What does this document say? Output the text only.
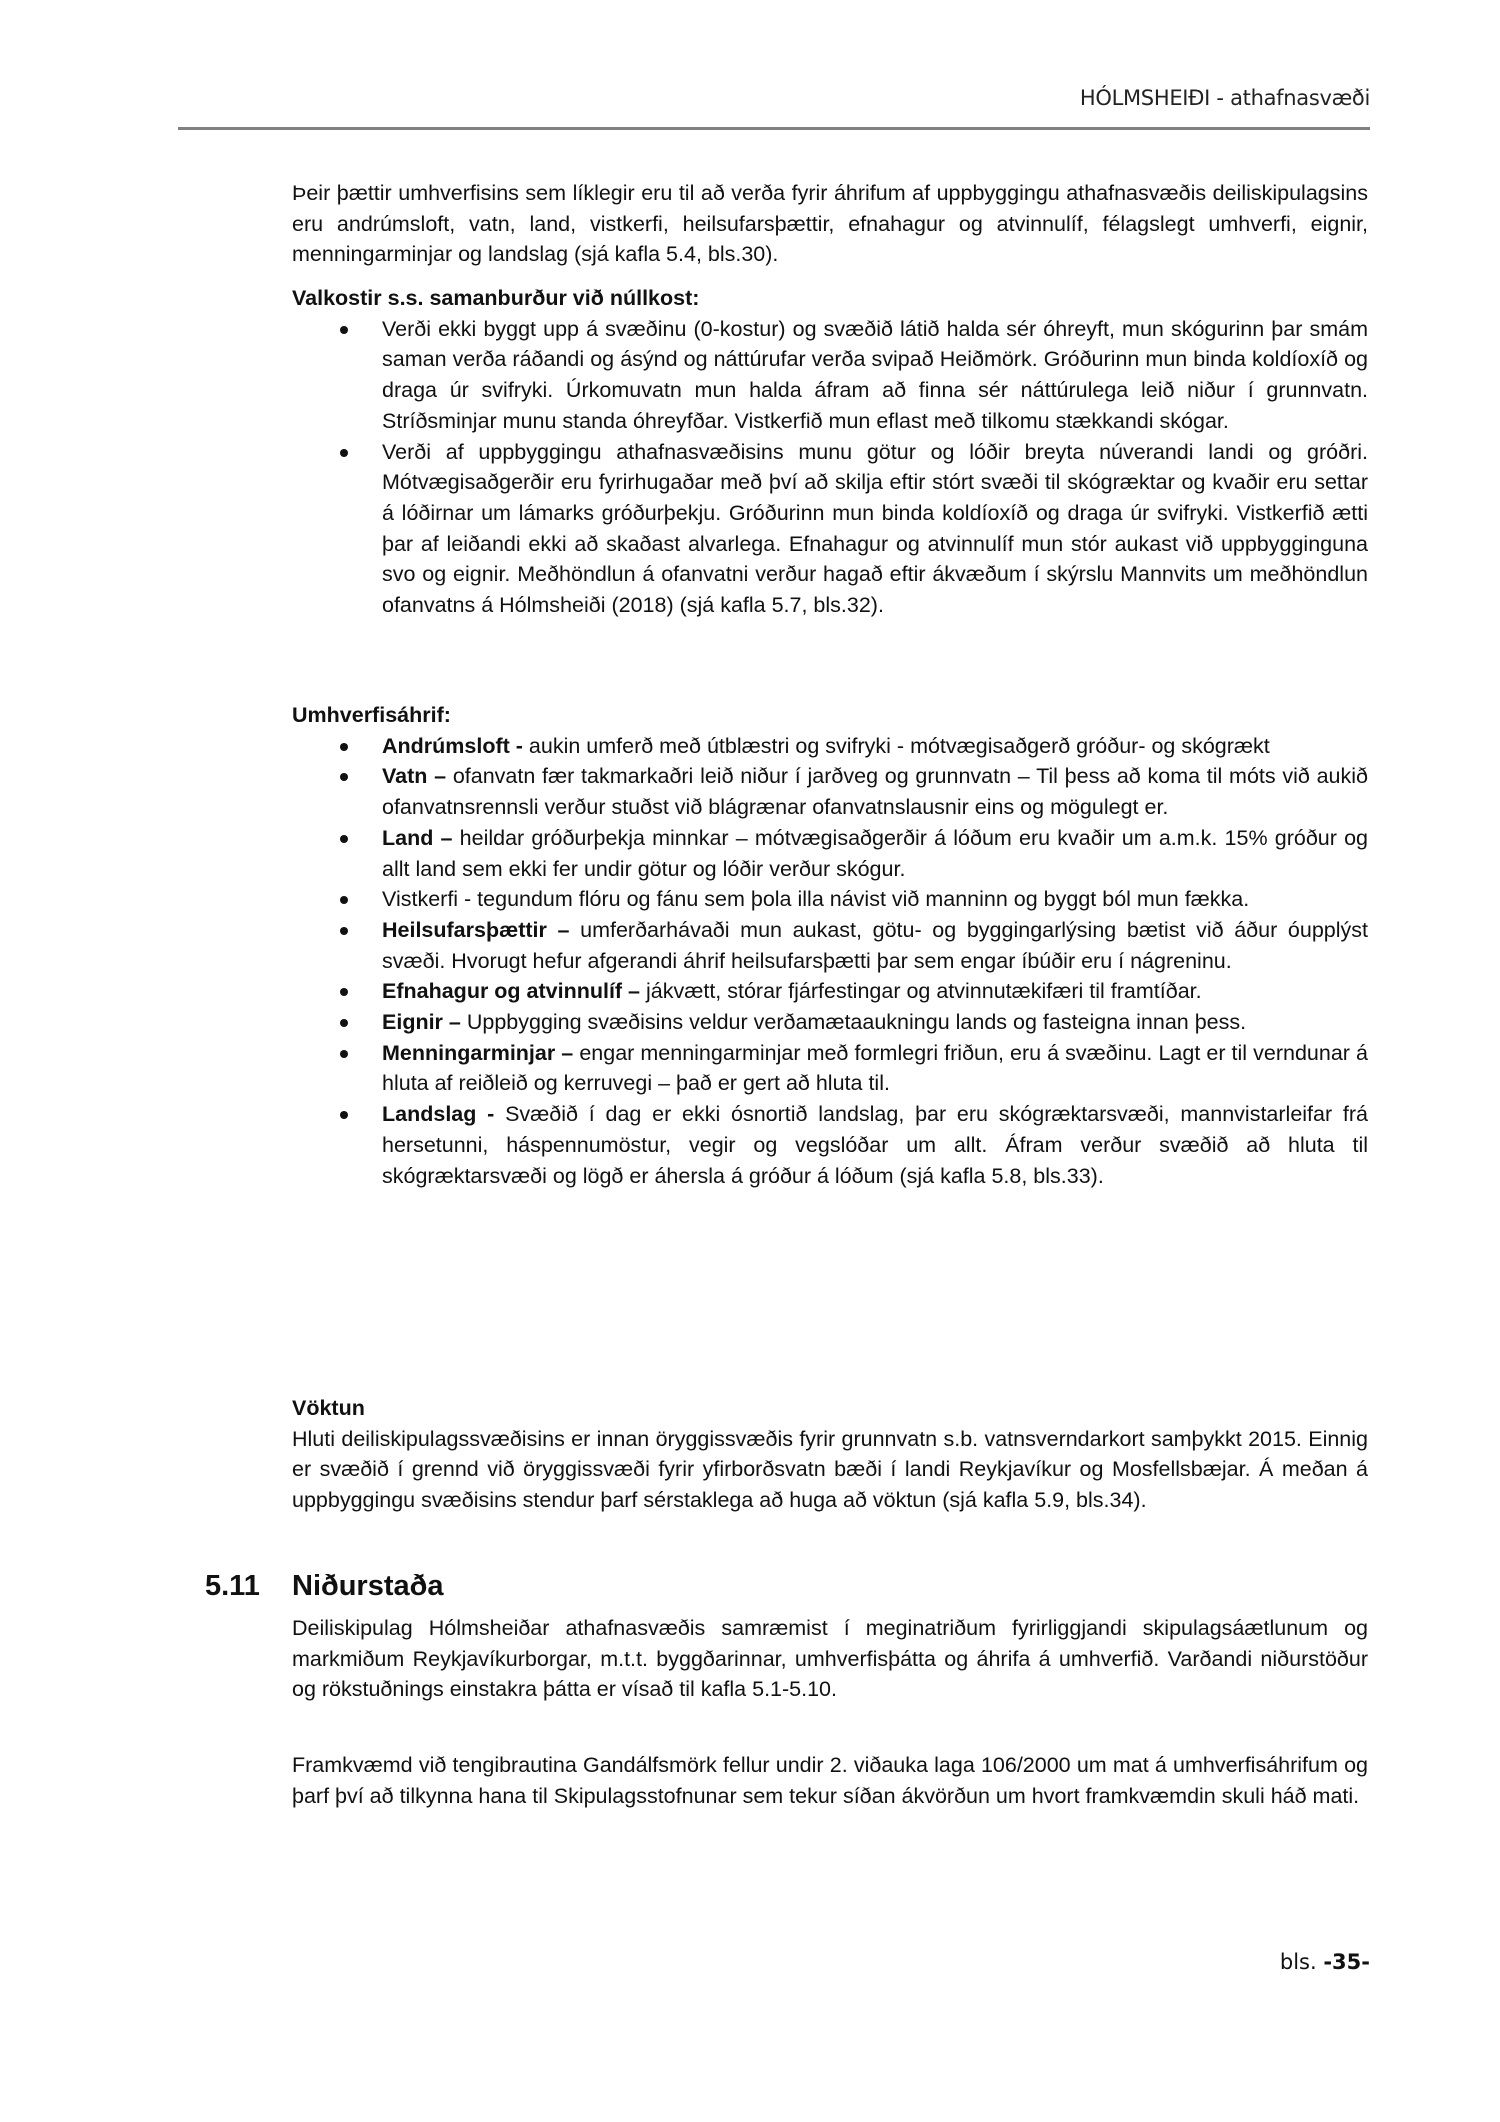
HÓLMSHEIÐI - athafnasvæði

Þeir þættir umhverfisins sem líklegir eru til að verða fyrir áhrifum af uppbyggingu athafnasvæðis deiliskipulagsins eru andrúmsloft, vatn, land, vistkerfi, heilsufarsþættir, efnahagur og atvinnulíf, félagslegt umhverfi, eignir, menningarminjar og landslag (sjá kafla 5.4, bls.30).

Valkostir s.s. samanburður við núllkost:

Verði ekki byggt upp á svæðinu (0-kostur) og svæðið látið halda sér óhreyft, mun skógurinn þar smám saman verða ráðandi og ásýnd og náttúrufar verða svipað Heiðmörk. Gróðurinn mun binda koldíoxíð og draga úr svifryki. Úrkomuvatn mun halda áfram að finna sér náttúrulega leið niður í grunnvatn. Stríðsminjar munu standa óhreyfðar. Vistkerfið mun eflast með tilkomu stækkandi skógar.
Verði af uppbyggingu athafnasvæðisins munu götur og lóðir breyta núverandi landi og gróðri. Mótvægisaðgerðir eru fyrirhugaðar með því að skilja eftir stórt svæði til skógræktar og kvaðir eru settar á lóðirnar um lámarks gróðurþekju. Gróðurinn mun binda koldíoxíð og draga úr svifryki. Vistkerfið ætti þar af leiðandi ekki að skaðast alvarlega. Efnahagur og atvinnulíf mun stór aukast við uppbygginguna svo og eignir. Meðhöndlun á ofanvatni verður hagað eftir ákvæðum í skýrslu Mannvits um meðhöndlun ofanvatns á Hólmsheiði (2018) (sjá kafla 5.7, bls.32).

Umhverfisáhrif:

Andrúmsloft - aukin umferð með útblæstri og svifryki - mótvægisaðgerð gróður- og skógrækt
Vatn – ofanvatn fær takmarkaðri leið niður í jarðveg og grunnvatn – Til þess að koma til móts við aukið ofanvatnsrennsli verður stuðst við blágrænar ofanvatnslausnir eins og mögulegt er.
Land – heildar gróðurþekja minnkar – mótvægisaðgerðir á lóðum eru kvaðir um a.m.k. 15% gróður og allt land sem ekki fer undir götur og lóðir verður skógur.
Vistkerfi - tegundum flóru og fánu sem þola illa návist við manninn og byggt ból mun fækka.
Heilsufarsþættir – umferðarhávaði mun aukast, götu- og byggingarlýsing bætist við áður óupplýst svæði. Hvorugt hefur afgerandi áhrif heilsufarsþætti þar sem engar íbúðir eru í nágreninu.
Efnahagur og atvinnulíf – jákvætt, stórar fjárfestingar og atvinnutækifæri til framtíðar.
Eignir – Uppbygging svæðisins veldur verðamætaaukningu lands og fasteigna innan þess.
Menningarminjar – engar menningarminjar með formlegri friðun, eru á svæðinu. Lagt er til verndunar á hluta af reiðleið og kerruvegi – það er gert að hluta til.
Landslag - Svæðið í dag er ekki ósnortið landslag, þar eru skógræktarsvæði, mannvistarleifar frá hersetunni, háspennumöstur, vegir og vegslóðar um allt. Áfram verður svæðið að hluta til skógræktarsvæði og lögð er áhersla á gróður á lóðum (sjá kafla 5.8, bls.33).

Vöktun

Hluti deiliskipulagssvæðisins er innan öryggissvæðis fyrir grunnvatn s.b. vatnsverndarkort samþykkt 2015. Einnig er svæðið í grennd við öryggissvæði fyrir yfirborðsvatn bæði í landi Reykjavíkur og Mosfellsbæjar. Á meðan á uppbyggingu svæðisins stendur þarf sérstaklega að huga að vöktun (sjá kafla 5.9, bls.34).

5.11 Niðurstaða

Deiliskipulag Hólmsheiðar athafnasvæðis samræmist í meginatriðum fyrirliggjandi skipulagsáætlunum og markmiðum Reykjavíkurborgar, m.t.t. byggðarinnar, umhverfisþátta og áhrifa á umhverfið. Varðandi niðurstöður og rökstuðnings einstakra þátta er vísað til kafla 5.1-5.10.

Framkvæmd við tengibrautina Gandálfsmörk fellur undir 2. viðauka laga 106/2000 um mat á umhverfisáhrifum og þarf því að tilkynna hana til Skipulagsstofnunar sem tekur síðan ákvörðun um hvort framkvæmdin skuli háð mati.

bls. -35-
